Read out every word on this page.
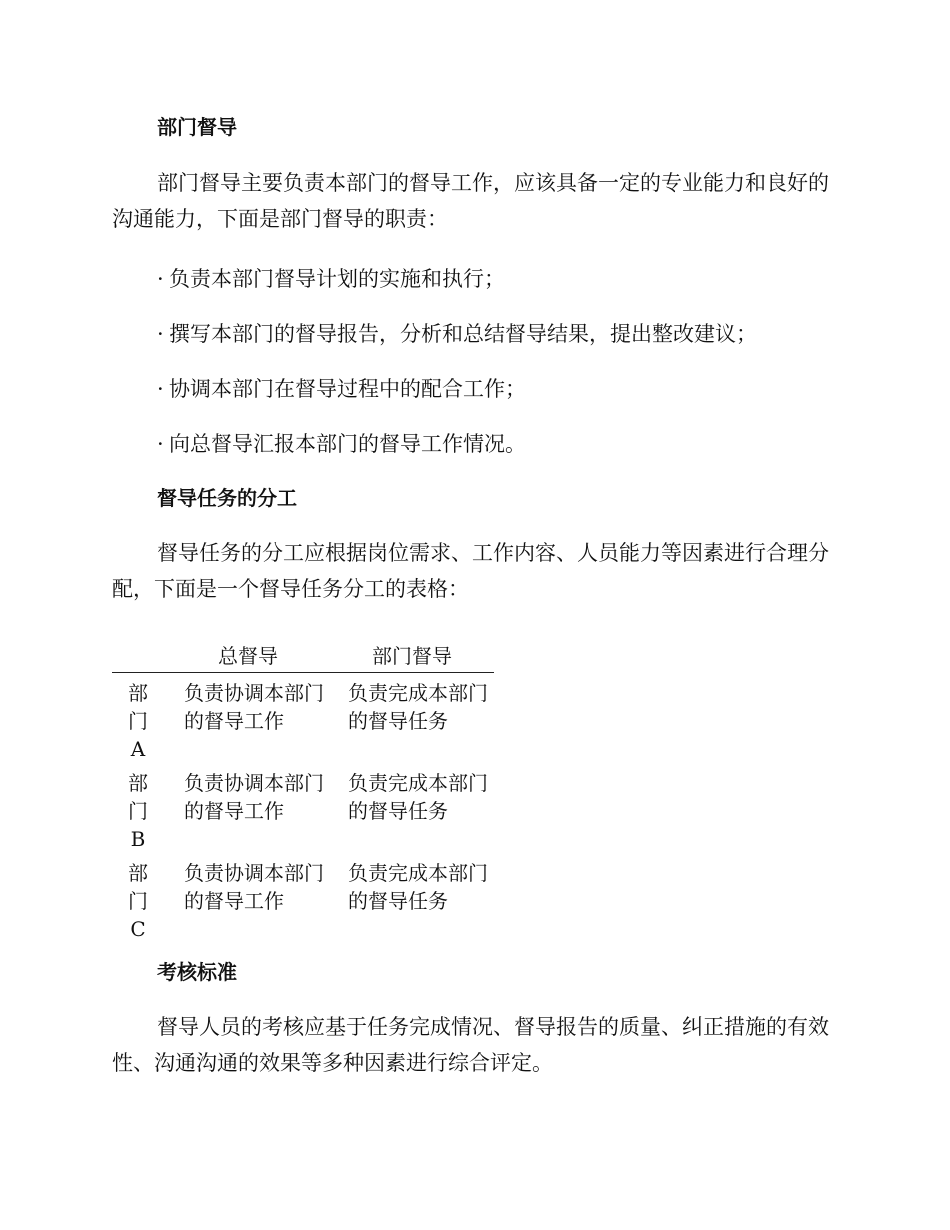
部门督导
部门督导主要负责本部门的督导工作，应该具备一定的专业能力和良好的沟通能力，下面是部门督导的职责：
· 负责本部门督导计划的实施和执行；
· 撰写本部门的督导报告，分析和总结督导结果，提出整改建议；
· 协调本部门在督导过程中的配合工作；
· 向总督导汇报本部门的督导工作情况。
督导任务的分工
督导任务的分工应根据岗位需求、工作内容、人员能力等因素进行合理分配，下面是一个督导任务分工的表格：
总督导	部门督导
部门A
负责协调本部门的督导工作
负责完成本部门的督导任务
部门B
负责协调本部门的督导工作
负责完成本部门的督导任务
部门C
负责协调本部门的督导工作
负责完成本部门的督导任务
考核标准
督导人员的考核应基于任务完成情况、督导报告的质量、纠正措施的有效性、沟通沟通的效果等多种因素进行综合评定。
